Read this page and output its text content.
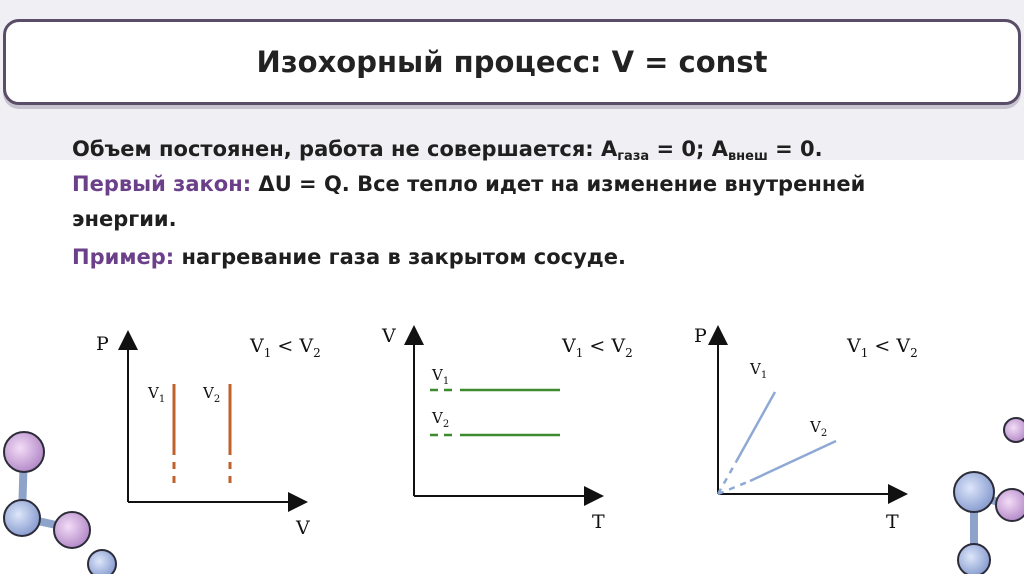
Изохорный процесс: V = const
Объем постоянен, работа не совершается: $A_{газа} = 0$; $A_{внеш} = 0$.
Первый закон: ΔU = Q. Все тепло идет на изменение внутренней энергии.
Пример: нагревание газа в закрытом сосуде.
P
V
$V_1 < V_2$
$V_1$	$V_2$
V
T
$V_1 < V_2$
$V_1$
$V_2$
P
T
$V_1 < V_2$
$V_1$
$V_2$
